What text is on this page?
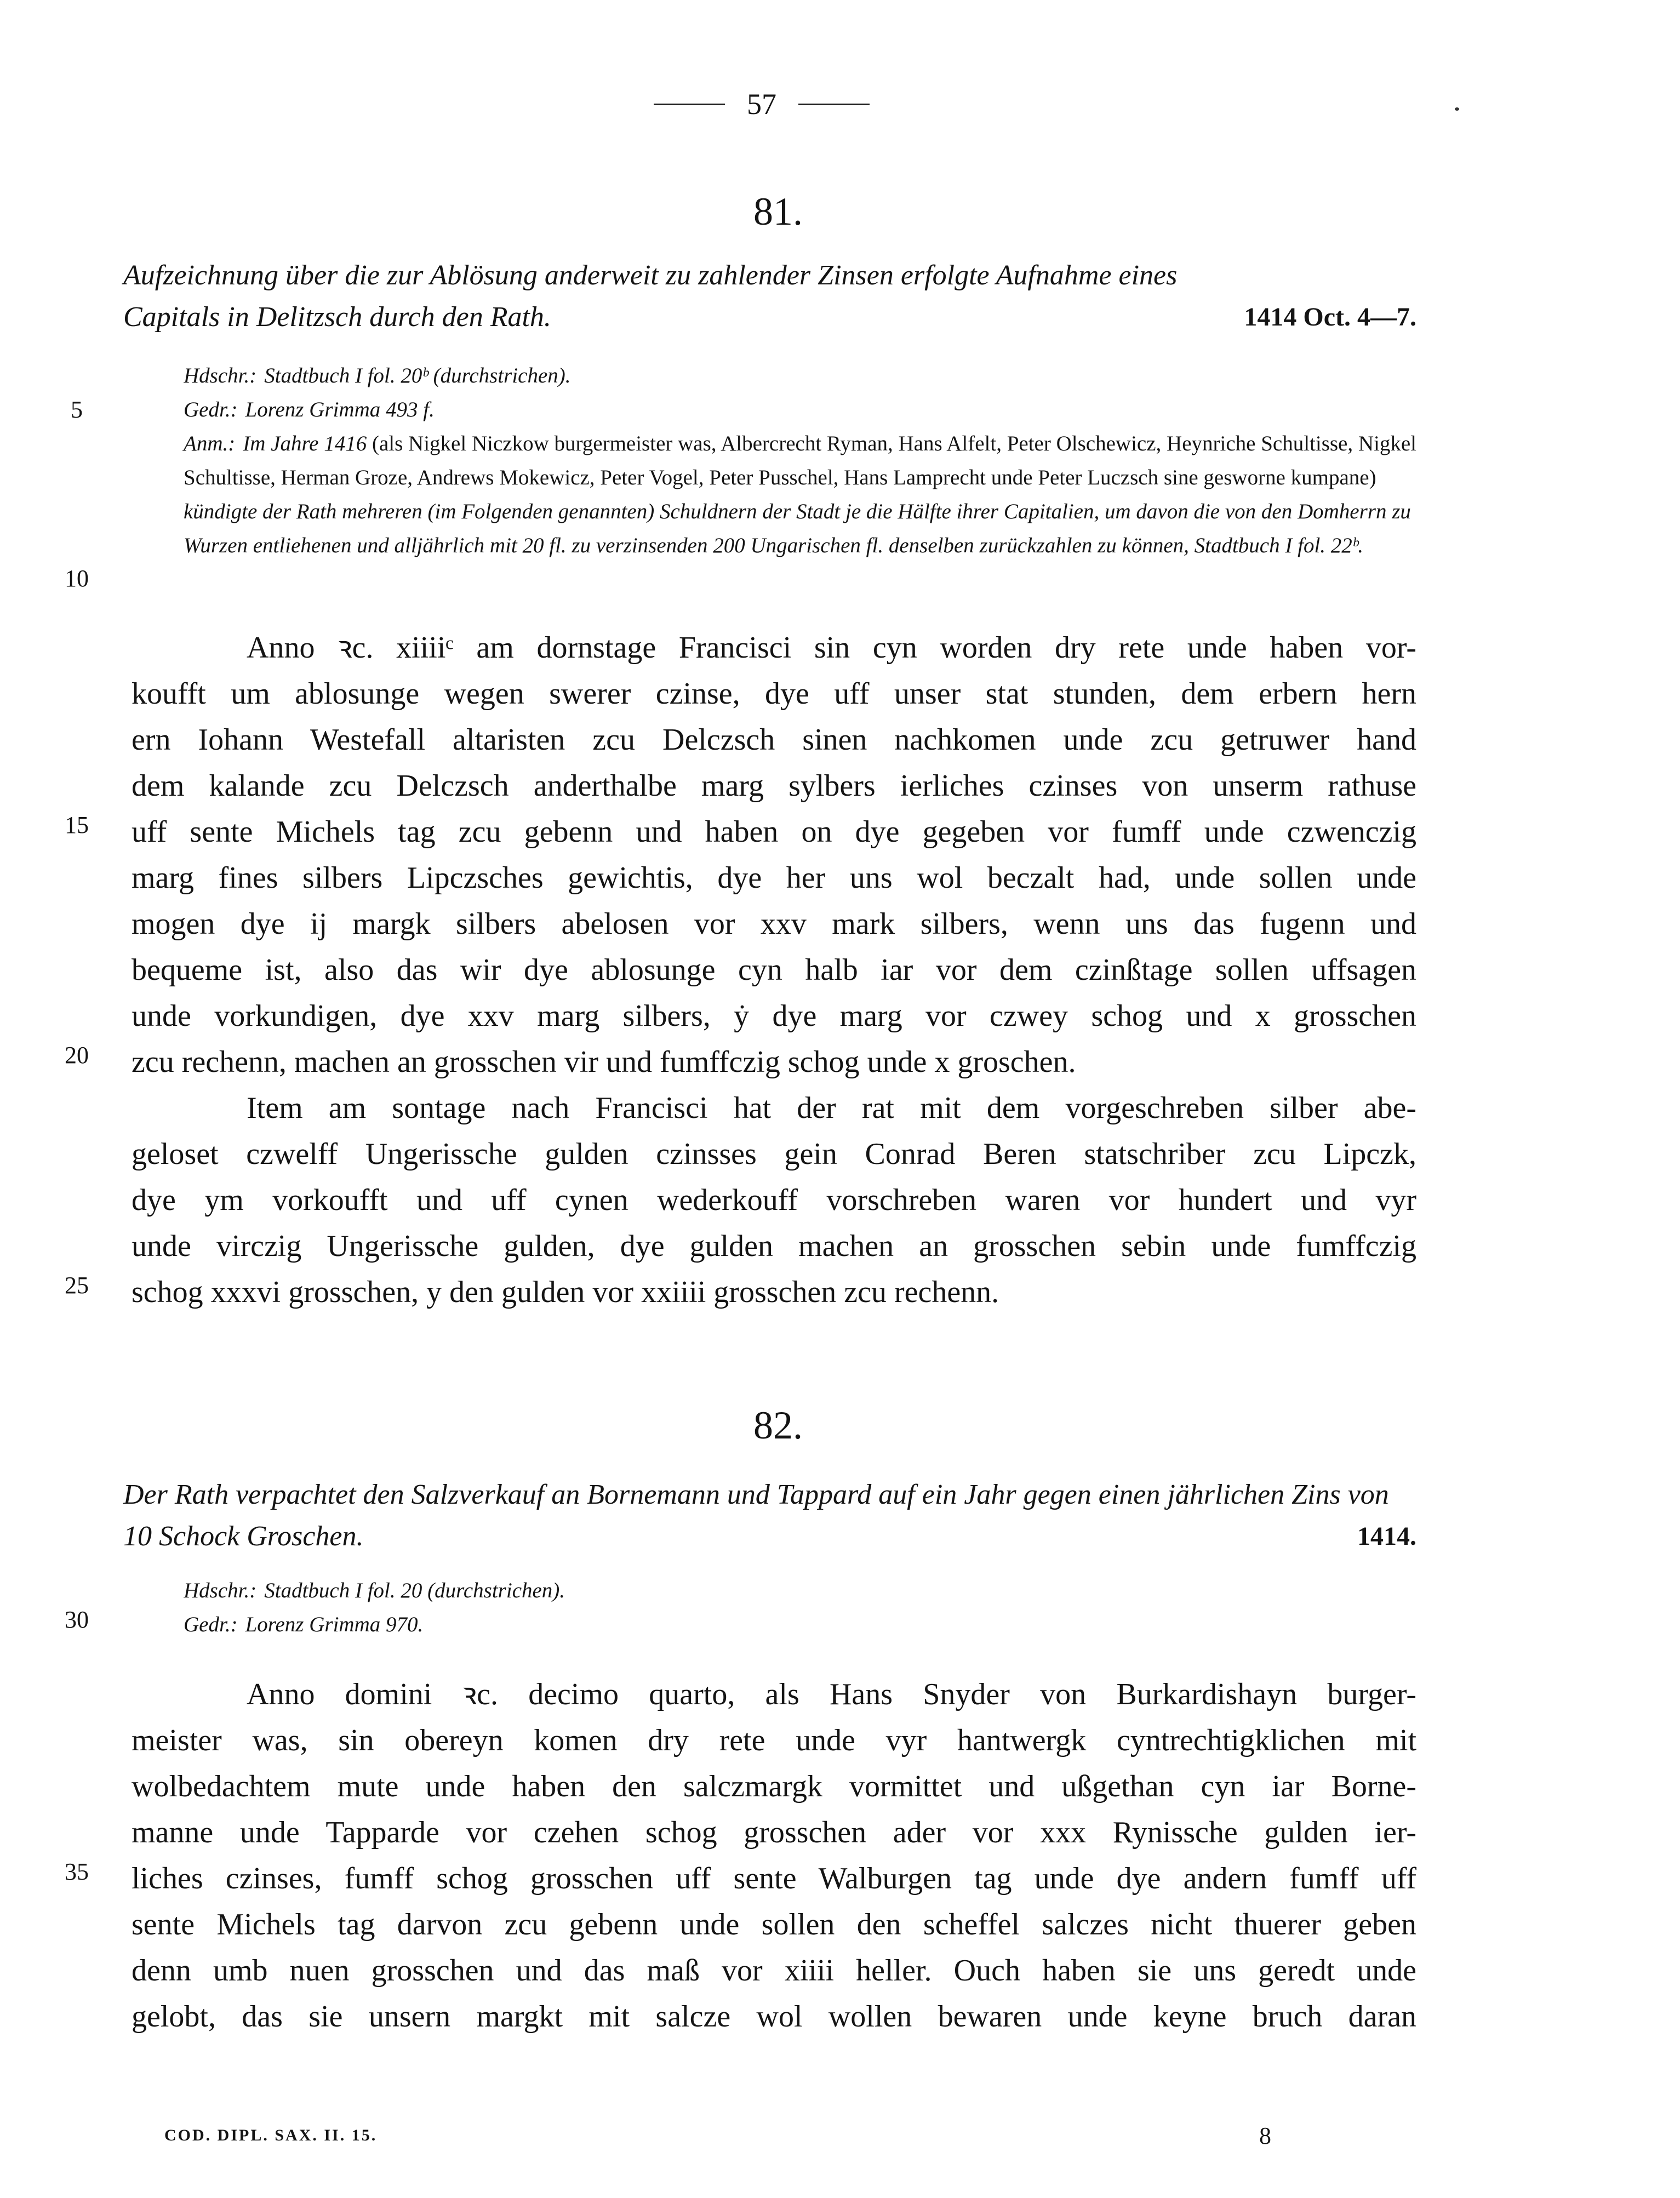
57
81.
Aufzeichnung über die zur Ablösung anderweit zu zahlender Zinsen erfolgte Aufnahme eines Capitals in Delitzsch durch den Rath.	1414 Oct. 4—7.
Hdschr.: Stadtbuch I fol. 20ᵇ (durchstrichen).
Gedr.: Lorenz Grimma 493 f.
Anm.: Im Jahre 1416 (als Nigkel Niczkow burgermeister was, Albercrecht Ryman, Hans Alfelt, Peter Olschewicz, Heynriche Schultisse, Nigkel Schultisse, Herman Groze, Andrews Mokewicz, Peter Vogel, Peter Pusschel, Hans Lamprecht unde Peter Luczsch sine gesworne kumpane) kündigte der Rath mehreren (im Folgenden genannten) Schuldnern der Stadt je die Hälfte ihrer Capitalien, um davon die von den Domherrn zu Wurzen entliehenen und alljährlich mit 20 fl. zu verzinsenden 200 Ungarischen fl. denselben zurückzahlen zu können, Stadtbuch I fol. 22ᵇ.
Anno ꝛc. xiiiiᶜ am dornstage Francisci sin cyn worden dry rete unde haben vor-
koufft um ablosunge wegen swerer czinse, dye uff unser stat stunden, dem erbern hern
ern Iohann Westefall altaristen zcu Delczsch sinen nachkomen unde zcu getruwer hand
dem kalande zcu Delczsch anderthalbe marg sylbers ierliches czinses von unserm rathuse
uff sente Michels tag zcu gebenn und haben on dye gegeben vor fumff unde czwenczig
marg fines silbers Lipczsches gewichtis, dye her uns wol beczalt had, unde sollen unde
mogen dye ij margk silbers abelosen vor xxv mark silbers, wenn uns das fugenn und
bequeme ist, also das wir dye ablosunge cyn halb iar vor dem czinßtage sollen uffsagen
unde vorkundigen, dye xxv marg silbers, ẏ dye marg vor czwey schog und x grosschen
zcu rechenn, machen an grosschen vir und fumffczig schog unde x groschen.
Item am sontage nach Francisci hat der rat mit dem vorgeschreben silber abe-
geloset czwelff Ungerissche gulden czinsses gein Conrad Beren statschriber zcu Lipczk,
dye ym vorkoufft und uff cynen wederkouff vorschreben waren vor hundert und vyr
unde virczig Ungerissche gulden, dye gulden machen an grosschen sebin unde fumffczig
schog xxxvi grosschen, y den gulden vor xxiiii grosschen zcu rechenn.
82.
Der Rath verpachtet den Salzverkauf an Bornemann und Tappard auf ein Jahr gegen einen jährlichen Zins von 10 Schock Groschen.	1414.
Hdschr.: Stadtbuch I fol. 20 (durchstrichen).
Gedr.: Lorenz Grimma 970.
Anno domini ꝛc. decimo quarto, als Hans Snyder von Burkardishayn burger-
meister was, sin obereyn komen dry rete unde vyr hantwergk cyntrechtigklichen mit
wolbedachtem mute unde haben den salczmargk vormittet und ußgethan cyn iar Borne-
manne unde Tapparde vor czehen schog grosschen ader vor xxx Rynissche gulden ier-
liches czinses, fumff schog grosschen uff sente Walburgen tag unde dye andern fumff uff
sente Michels tag darvon zcu gebenn unde sollen den scheffel salczes nicht thuerer geben
denn umb nuen grosschen und das maß vor xiiii heller. Ouch haben sie uns geredt unde
gelobt, das sie unsern margkt mit salcze wol wollen bewaren unde keyne bruch daran
5
10
15
20
25
30
35
COD. DIPL. SAX. II. 15.	8
